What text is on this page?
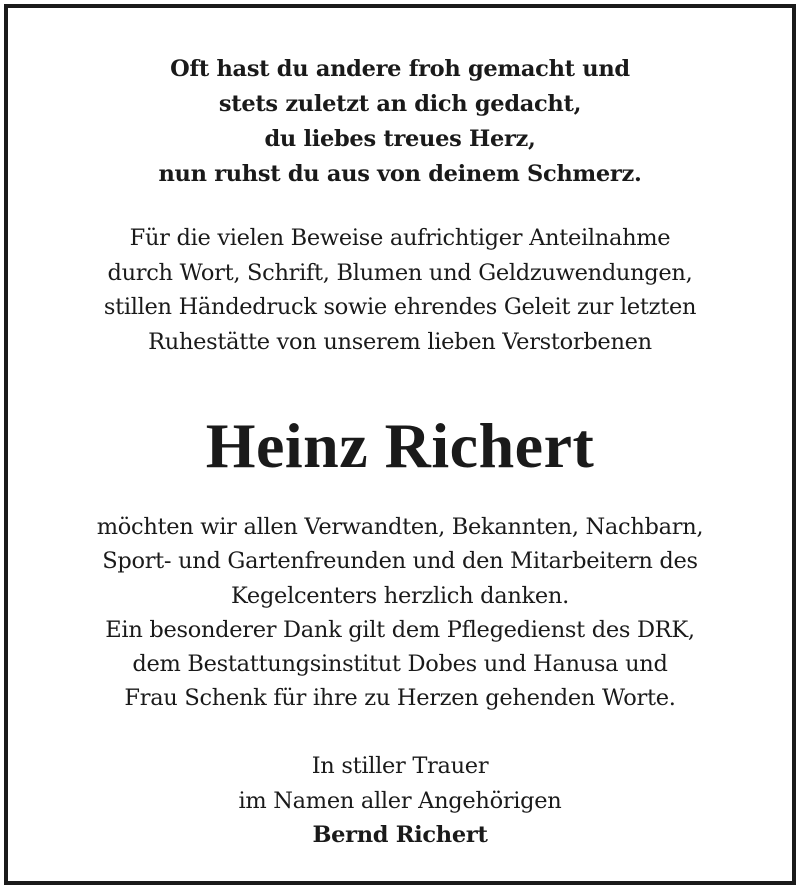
Oft hast du andere froh gemacht und
stets zuletzt an dich gedacht,
du liebes treues Herz,
nun ruhst du aus von deinem Schmerz.
Für die vielen Beweise aufrichtiger Anteilnahme
durch Wort, Schrift, Blumen und Geldzuwendungen,
stillen Händedruck sowie ehrendes Geleit zur letzten
Ruhestätte von unserem lieben Verstorbenen
Heinz Richert
möchten wir allen Verwandten, Bekannten, Nachbarn,
Sport- und Gartenfreunden und den Mitarbeitern des
Kegelcenters herzlich danken.
Ein besonderer Dank gilt dem Pflegedienst des DRK,
dem Bestattungsinstitut Dobes und Hanusa und
Frau Schenk für ihre zu Herzen gehenden Worte.
In stiller Trauer
im Namen aller Angehörigen
Bernd Richert
